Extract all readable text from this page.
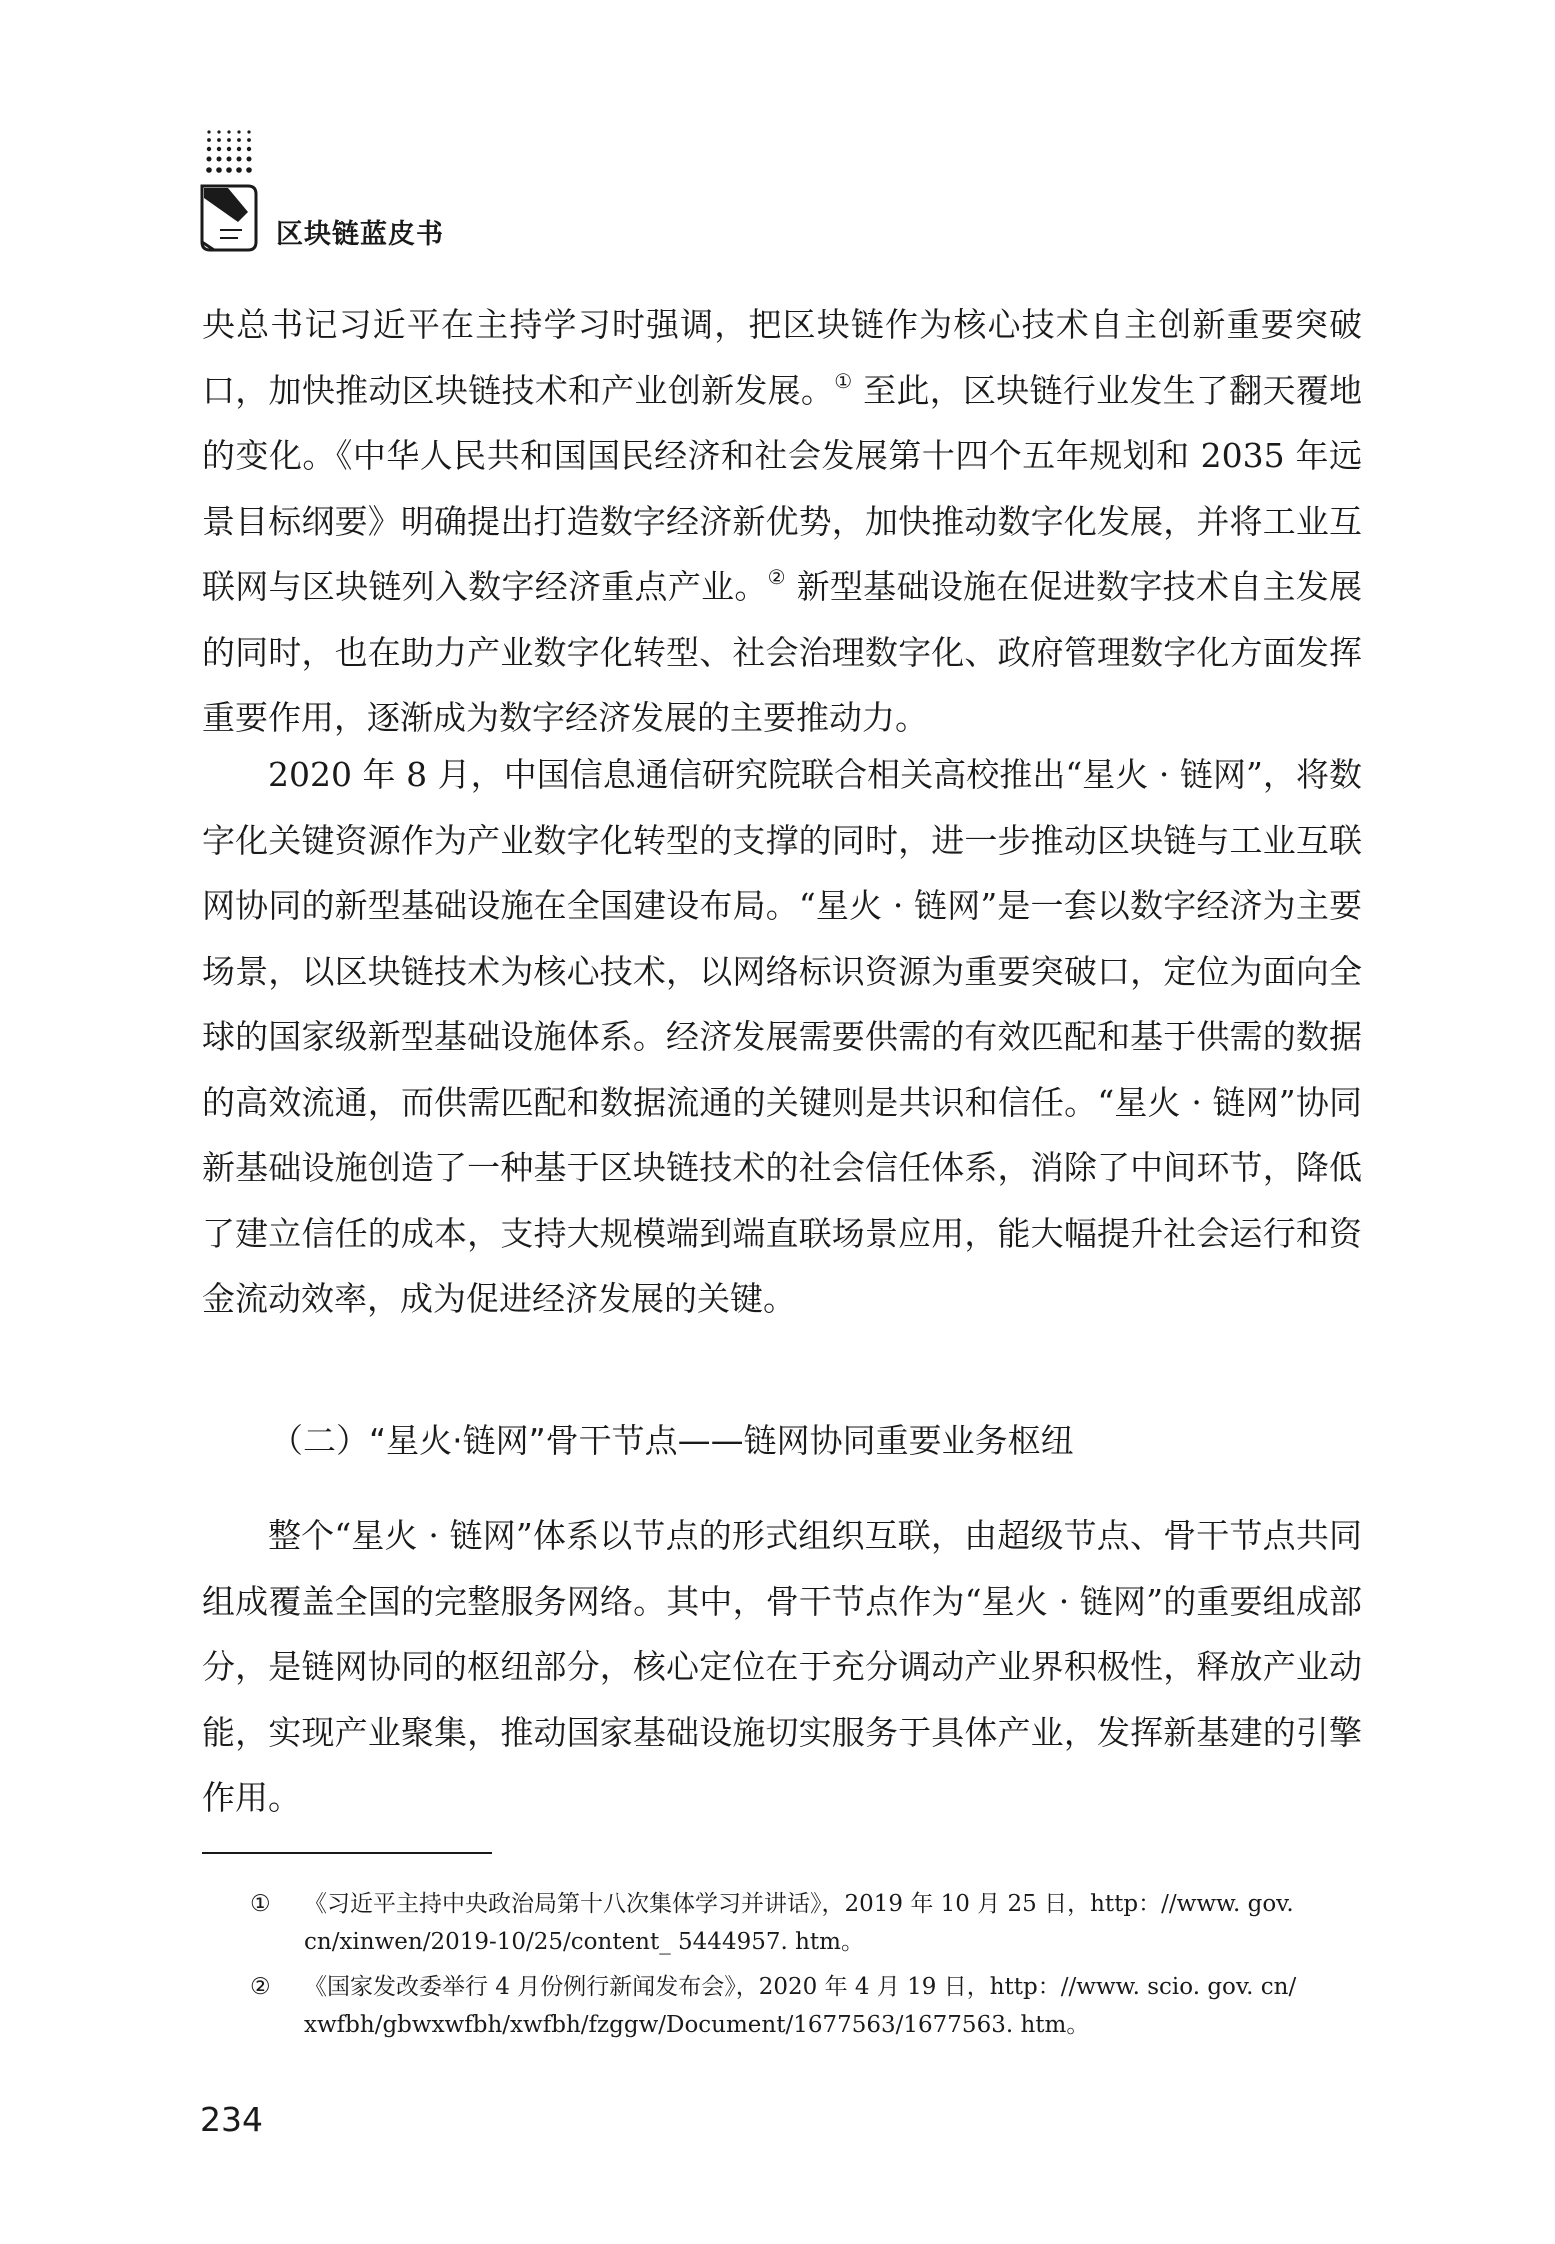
区块链蓝皮书

央总书记习近平在主持学习时强调，把区块链作为核心技术自主创新重要突破口，加快推动区块链技术和产业创新发展。① 至此，区块链行业发生了翻天覆地的变化。《中华人民共和国国民经济和社会发展第十四个五年规划和 2035 年远景目标纲要》明确提出打造数字经济新优势，加快推动数字化发展，并将工业互联网与区块链列入数字经济重点产业。② 新型基础设施在促进数字技术自主发展的同时，也在助力产业数字化转型、社会治理数字化、政府管理数字化方面发挥重要作用，逐渐成为数字经济发展的主要推动力。

2020 年 8 月，中国信息通信研究院联合相关高校推出“星火 · 链网”，将数字化关键资源作为产业数字化转型的支撑的同时，进一步推动区块链与工业互联网协同的新型基础设施在全国建设布局。“星火 · 链网”是一套以数字经济为主要场景，以区块链技术为核心技术，以网络标识资源为重要突破口，定位为面向全球的国家级新型基础设施体系。经济发展需要供需的有效匹配和基于供需的数据的高效流通，而供需匹配和数据流通的关键则是共识和信任。“星火 · 链网”协同新基础设施创造了一种基于区块链技术的社会信任体系，消除了中间环节，降低了建立信任的成本，支持大规模端到端直联场景应用，能大幅提升社会运行和资金流动效率，成为促进经济发展的关键。

（二）“星火·链网”骨干节点——链网协同重要业务枢纽

整个“星火 · 链网”体系以节点的形式组织互联，由超级节点、骨干节点共同组成覆盖全国的完整服务网络。其中，骨干节点作为“星火 · 链网”的重要组成部分，是链网协同的枢纽部分，核心定位在于充分调动产业界积极性，释放产业动能，实现产业聚集，推动国家基础设施切实服务于具体产业，发挥新基建的引擎作用。

① 《习近平主持中央政治局第十八次集体学习并讲话》，2019 年 10 月 25 日，http：//www. gov. cn/xinwen/2019-10/25/content_ 5444957. htm。
② 《国家发改委举行 4 月份例行新闻发布会》，2020 年 4 月 19 日，http：//www. scio. gov. cn/ xwfbh/gbwxwfbh/xwfbh/fzggw/Document/1677563/1677563. htm。
234
